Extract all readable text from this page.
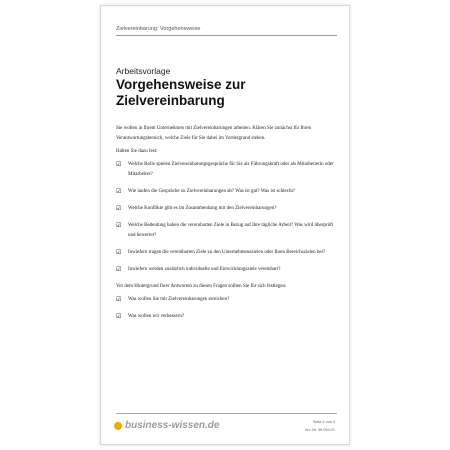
Zielvereinbarung: Vorgehensweise
Arbeitsvorlage
Vorgehensweise zur Zielvereinbarung

Sie wollen in Ihrem Unternehmen mit Zielvereinbarungen arbeiten. Klären Sie zunächst für Ihren Verantwortungsbereich, welche Ziele für Sie dabei im Vordergrund stehen.

Halten Sie dazu fest:

☑	Welche Rolle spielen Zielvereinbarungsgespräche für Sie als Führungskraft oder als Mitarbeiterin oder Mitarbeiter?
☑	Wie laufen die Gespräche zu Zielvereinbarungen ab? Was ist gut? Was ist schlecht?
☑	Welche Konflikte gibt es im Zusammenhang mit den Zielvereinbarungen?
☑	Welche Bedeutung haben die vereinbarten Ziele in Bezug auf Ihre tägliche Arbeit? Was wird überprüft und bewertet?
☑	Inwiefern tragen die vereinbarten Ziele zu den Unternehmenszielen oder Ihren Bereichszielen bei?
☑	Inwiefern werden zusätzlich individuelle und Entwicklungsziele vereinbart?

Vor dem Hintergrund Ihrer Antworten zu diesen Fragen sollten Sie für sich festlegen:

☑	Was wollen Sie mit Zielvereinbarungen erreichen?
☑	Was wollen wir verbessern?
business-wissen.de	Seite 1 von 4
Art.-Nr. 58.094.01
